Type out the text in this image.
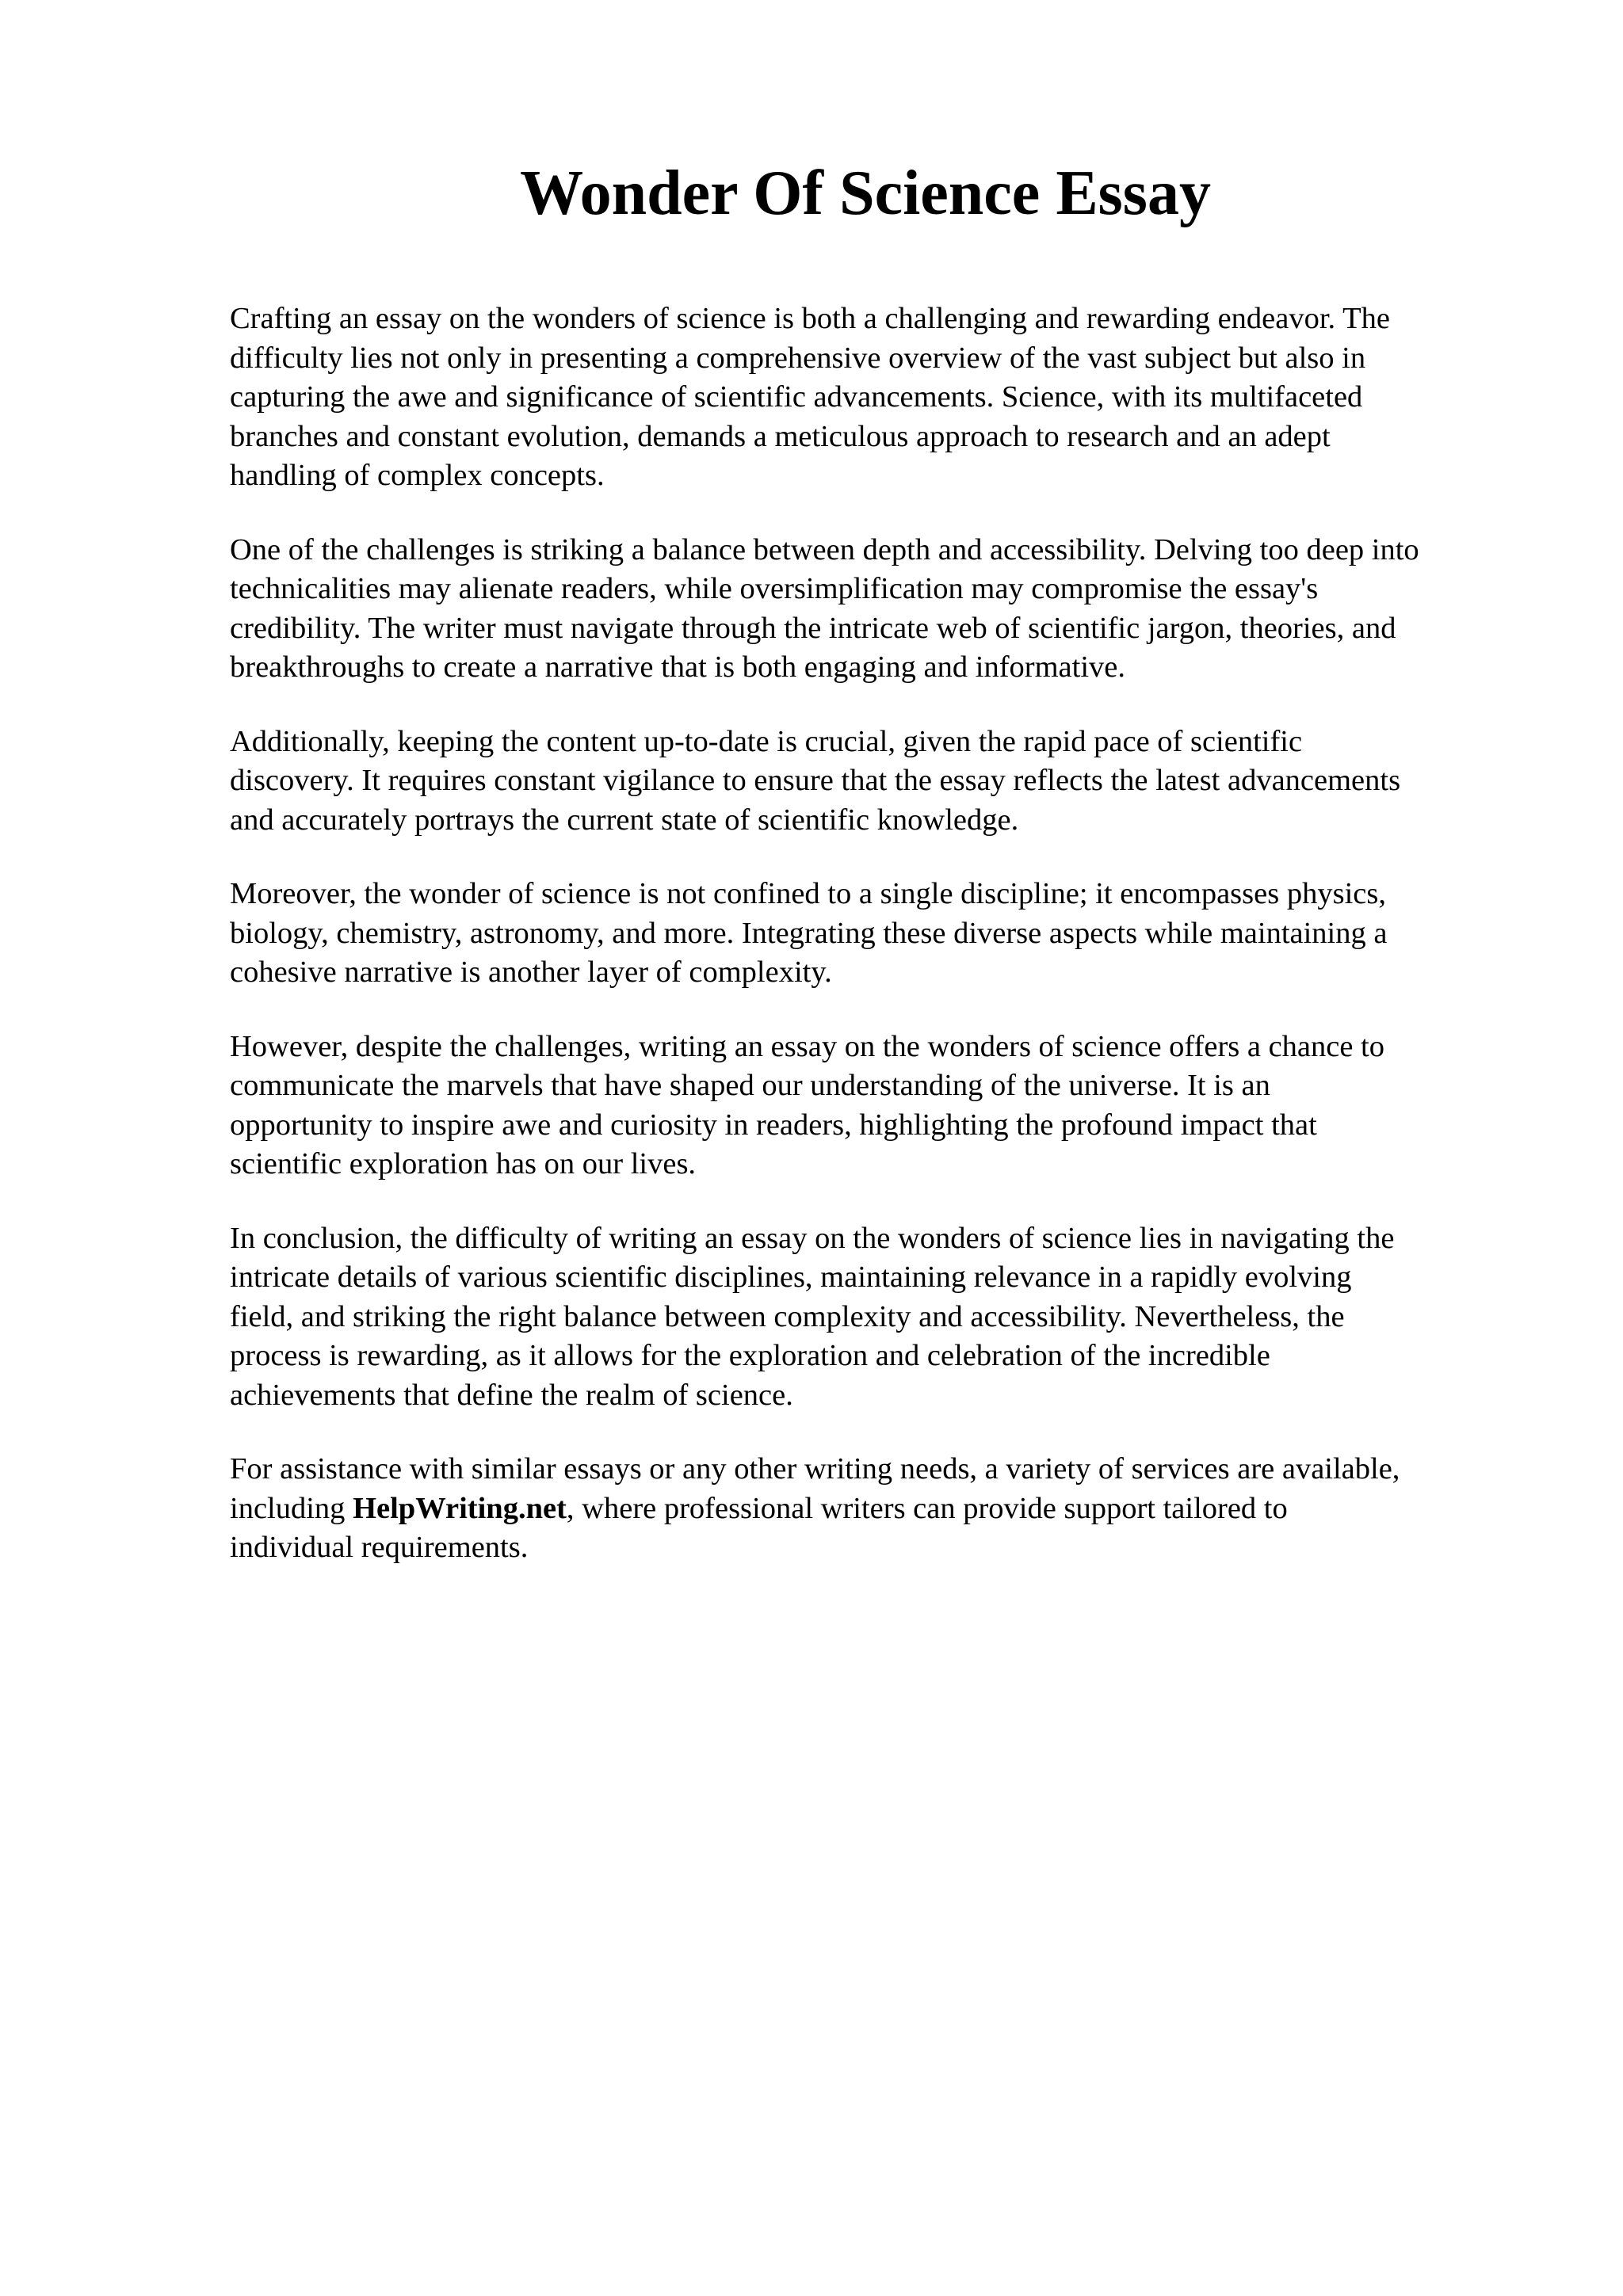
Wonder Of Science Essay

Crafting an essay on the wonders of science is both a challenging and rewarding endeavor. The
difficulty lies not only in presenting a comprehensive overview of the vast subject but also in
capturing the awe and significance of scientific advancements. Science, with its multifaceted
branches and constant evolution, demands a meticulous approach to research and an adept
handling of complex concepts.

One of the challenges is striking a balance between depth and accessibility. Delving too deep into
technicalities may alienate readers, while oversimplification may compromise the essay's
credibility. The writer must navigate through the intricate web of scientific jargon, theories, and
breakthroughs to create a narrative that is both engaging and informative.

Additionally, keeping the content up-to-date is crucial, given the rapid pace of scientific
discovery. It requires constant vigilance to ensure that the essay reflects the latest advancements
and accurately portrays the current state of scientific knowledge.

Moreover, the wonder of science is not confined to a single discipline; it encompasses physics,
biology, chemistry, astronomy, and more. Integrating these diverse aspects while maintaining a
cohesive narrative is another layer of complexity.

However, despite the challenges, writing an essay on the wonders of science offers a chance to
communicate the marvels that have shaped our understanding of the universe. It is an
opportunity to inspire awe and curiosity in readers, highlighting the profound impact that
scientific exploration has on our lives.

In conclusion, the difficulty of writing an essay on the wonders of science lies in navigating the
intricate details of various scientific disciplines, maintaining relevance in a rapidly evolving
field, and striking the right balance between complexity and accessibility. Nevertheless, the
process is rewarding, as it allows for the exploration and celebration of the incredible
achievements that define the realm of science.

For assistance with similar essays or any other writing needs, a variety of services are available,
including HelpWriting.net, where professional writers can provide support tailored to
individual requirements.
